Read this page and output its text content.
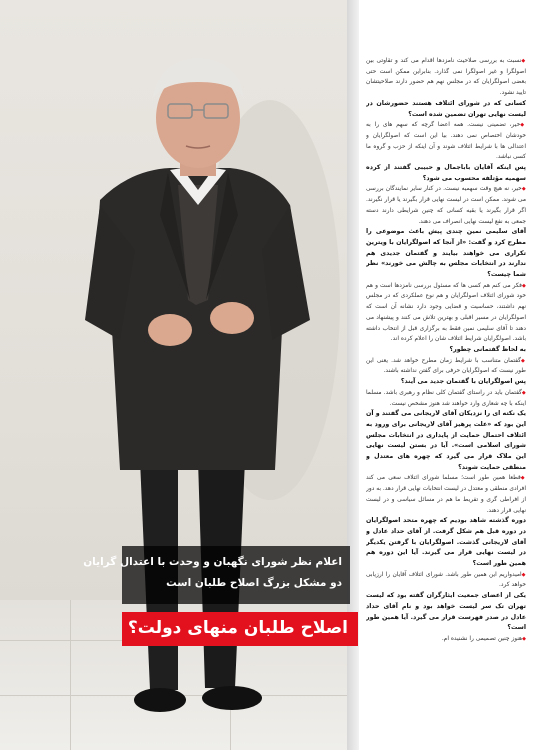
اعلام نظر شورای نگهبان و وحدت با اعتدال گرایان
دو مشکل بزرگ اصلاح طلبان است
اصلاح طلبان منهای دولت؟

◆ نسبت به بررسی صلاحیت نامزدها اقدام می کند و تقاوتی بین اصولگرا و غیر اصولگرا نمی گذارد. بنابراین ممکن است حتی بعضی اصولگرایان که در مجلس نهم هم حضور دارند صلاحیتشان تایید نشود.

کسانی که در شورای ائتلاف هستند حضورشان در لیست نهایی تهران تضمین شده است؟

◆ خیر، تضمینی نیست. همه اعضا گرچه که سهم های را به خودشان اختصاص نمی دهند. بیا این است که اصولگرایان و اعتدالی ها با شرایط ائتلاف شوند و آن اینکه از حزب و گروه ما کسی نباشد.

پس اینکه آقایان باباجمال و حبیبی گفتند از کرده سهمیه مؤتلفه محسوب می شود؟

◆ خیر، نه هیچ وقت سهمیه نیست. در کنار سایر نمایندگان بررسی می شوند. ممکن است در لیست نهایی قرار بگیرند یا قرار نگیرند. اگر قرار بگیرند یا بقیه کسانی که چنین شرایطی دارند دسته جمعی به نفع لیست نهایی انصراف می دهند.

آقای سلیمی نمین چندی پیش باعث موضوعی را مطرح کرد و گفت: «از آنجا که اصولگرایان با ویترین تکراری می خواهند بیایند و گفتمان جدیدی هم ندارند در انتخابات مجلس به چالش می خورند» نظر شما چیست؟

◆ فکر می کنم هم کسی ها که مسئول بررسی نامزدها است و هم خود شورای ائتلاف اصولگرایان و هم نوع عملکردی که در مجلس نهم داشتند، حساسیت و قضایی وجود دارد نشانه آن است که اصولگرایان در مسیر اقبلی و بهترین تلاش می کنند و پیشنهاد می دهند تا آقای سلیمی نمین فقط به برگزاری قبل از انتخاب داشته باشد. اصولگرایان شرایط ائتلاف شان را اعلام کرده اند.

به لحاظ گفتمانی چطور؟

◆ گفتمان متناسب با شرایط زمان مطرح خواهد شد. یعنی این طور نیست که اصولگرایان حرفی برای گفتن نداشته باشند.

پس اصولگرایان با گفتمان جدید می آیند؟

◆ گفتمان باید در راستای گفتمان کلی نظام و رهبری باشد. مسلما اینکه با چه شعاری وارد خواهند شد هنوز مشخص نیست.

یک نکته ای را نزدیکان آقای لاریجانی می گفتند و آن این بود که «علت پرهیز آقای لاریجانی برای ورود به ائتلاف احتمال حمایت از پایداری در انتخابات مجلس شورای اسلامی است». آیا در بستن لیست نهایی این ملاک قرار می گیرد که چهره های معتدل و منطقی حمایت شوند؟

◆ قطعا همین طور است؛ مسلما شورای ائتلاف سعی می کند افرادی منطقی و معتدل در لیست انتخابات نهایی قرار دهد. به دور از افراطی گری و تفریط ما هم در مسائل سیاسی و در لیست نهایی قرار دهند.

دوره گذشته شاهد بودیم که چهره متحد اصولگرایان در دوره قبل هم شکل گرفت. از آقای حداد عادل و آقای لاریجانی گذشت. اصولگرایان با گرفتن یکدیگر در لیست نهایی قرار می گیرند. آیا این دوره هم همین طور است؟

◆ امیدواریم این همین طور باشد. شورای ائتلاف آقایان را ارزیابی خواهد کرد.

یکی از اعضای جمعیت ایثارگران گفته بود که لیست تهران تک سر لیست خواهد بود و نام آقای حداد عادل در صدر فهرست قرار می گیرد. آیا همین طور است؟

◆ هنوز چنین تصمیمی را نشنیده ام.
